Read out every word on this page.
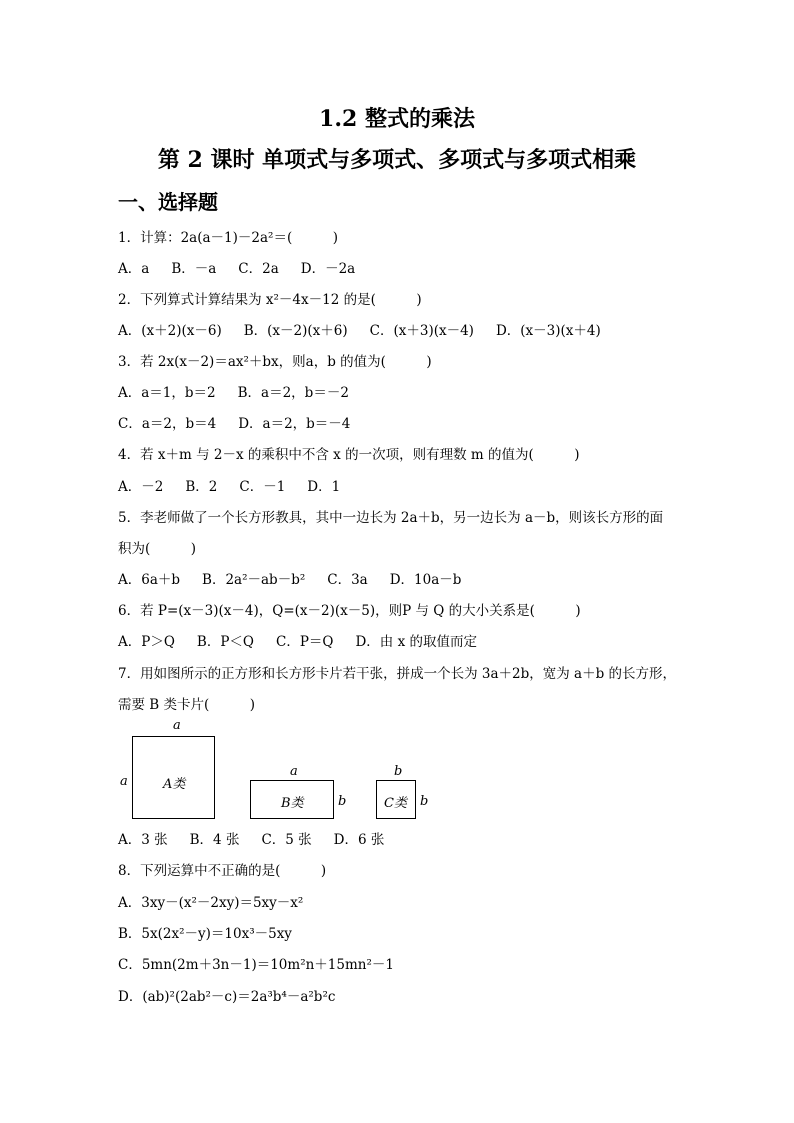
1.2 整式的乘法
第 2 课时 单项式与多项式、多项式与多项式相乘
一、选择题
1．计算：2a(a－1)－2a²＝(　　　)
A．a B．－a C．2a D．－2a
2．下列算式计算结果为 x²－4x－12 的是(　　　)
A．(x＋2)(x－6) B．(x－2)(x＋6) C．(x＋3)(x－4) D．(x－3)(x＋4)
3．若 2x(x－2)＝ax²＋bx，则a，b 的值为(　　　)
A．a＝1，b＝2 B．a＝2，b＝－2
C．a＝2，b＝4 D．a＝2，b＝－4
4．若 x＋m 与 2－x 的乘积中不含 x 的一次项，则有理数 m 的值为(　　　)
A．－2 B．2 C．－1 D．1
5．李老师做了一个长方形教具，其中一边长为 2a＋b，另一边长为 a－b，则该长方形的面
积为(　　　)
A．6a＋b B．2a²－ab－b² C．3a D．10a－b
6．若 P=(x－3)(x－4)，Q=(x－2)(x－5)，则P 与 Q 的大小关系是(　　　)
A．P＞Q B．P＜Q C．P＝Q D．由 x 的取值而定
7．用如图所示的正方形和长方形卡片若干张，拼成一个长为 3a＋2b，宽为 a＋b 的长方形，
需要 B 类卡片(　　　)
a
a	A类
a
B类	b
b
C类 b
A．3 张 B．4 张 C．5 张 D．6 张
8．下列运算中不正确的是(　　　)
A．3xy－(x²－2xy)＝5xy－x²
B．5x(2x²－y)＝10x³－5xy
C．5mn(2m＋3n－1)＝10m²n＋15mn²－1
D．(ab)²(2ab²－c)＝2a³b⁴－a²b²c
